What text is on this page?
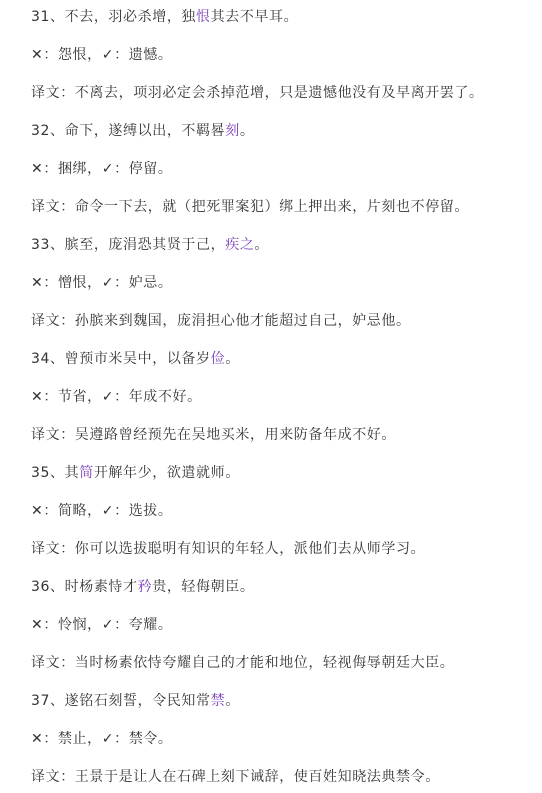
31、不去，羽必杀增，独恨其去不早耳。
✕：怨恨，✓：遗憾。
译文：不离去，项羽必定会杀掉范增，只是遗憾他没有及早离开罢了。
32、命下，遂缚以出，不羁晷刻。
✕：捆绑，✓：停留。
译文：命令一下去，就（把死罪案犯）绑上押出来，片刻也不停留。
33、膑至，庞涓恐其贤于己，疾之。
✕：憎恨，✓：妒忌。
译文：孙膑来到魏国，庞涓担心他才能超过自己，妒忌他。
34、曾预市米吴中，以备岁俭。
✕：节省，✓：年成不好。
译文：吴遵路曾经预先在吴地买米，用来防备年成不好。
35、其简开解年少，欲遣就师。
✕：简略，✓：选拔。
译文：你可以选拔聪明有知识的年轻人，派他们去从师学习。
36、时杨素恃才矜贵，轻侮朝臣。
✕：怜悯，✓：夸耀。
译文：当时杨素依恃夸耀自己的才能和地位，轻视侮辱朝廷大臣。
37、遂铭石刻誓，令民知常禁。
✕：禁止，✓：禁令。
译文：王景于是让人在石碑上刻下诫辞，使百姓知晓法典禁令。
